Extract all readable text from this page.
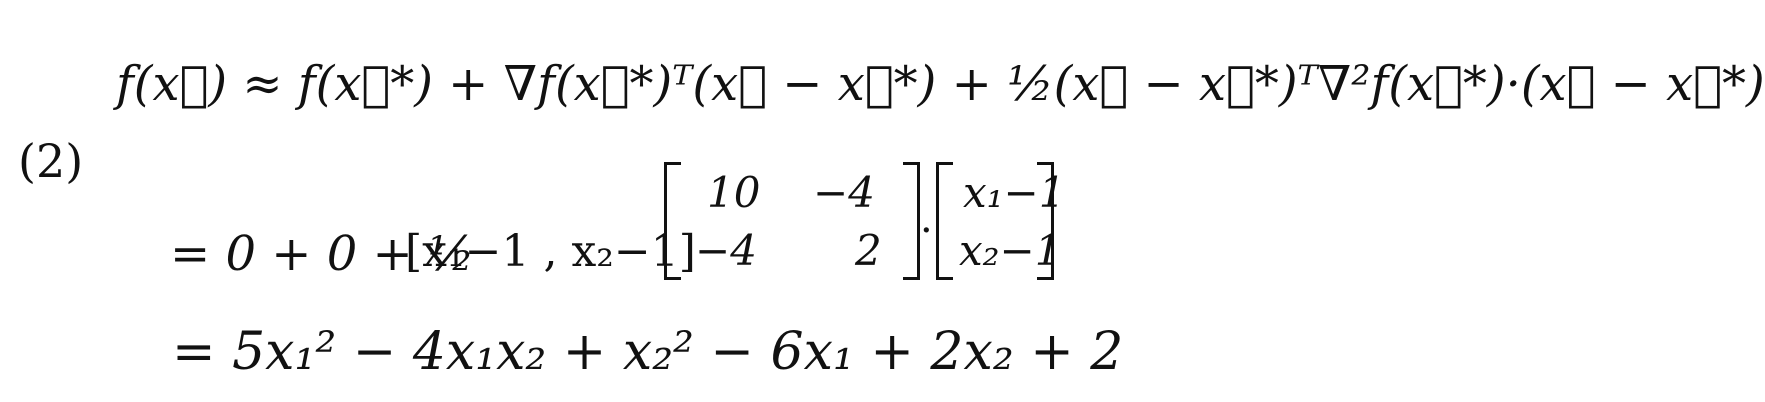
(2)
f(x⃗) ≈ f(x⃗*) + ∇f(x⃗*)ᵀ(x⃗ − x⃗*) + ½(x⃗ − x⃗*)ᵀ∇²f(x⃗*)·(x⃗ − x⃗*)
= 0 + 0 + ½
[x₁−1 , x₂−1]
10 −4
−4 2 ·
x₁−1
x₂−1
= 5x₁² − 4x₁x₂ + x₂² − 6x₁ + 2x₂ + 2
